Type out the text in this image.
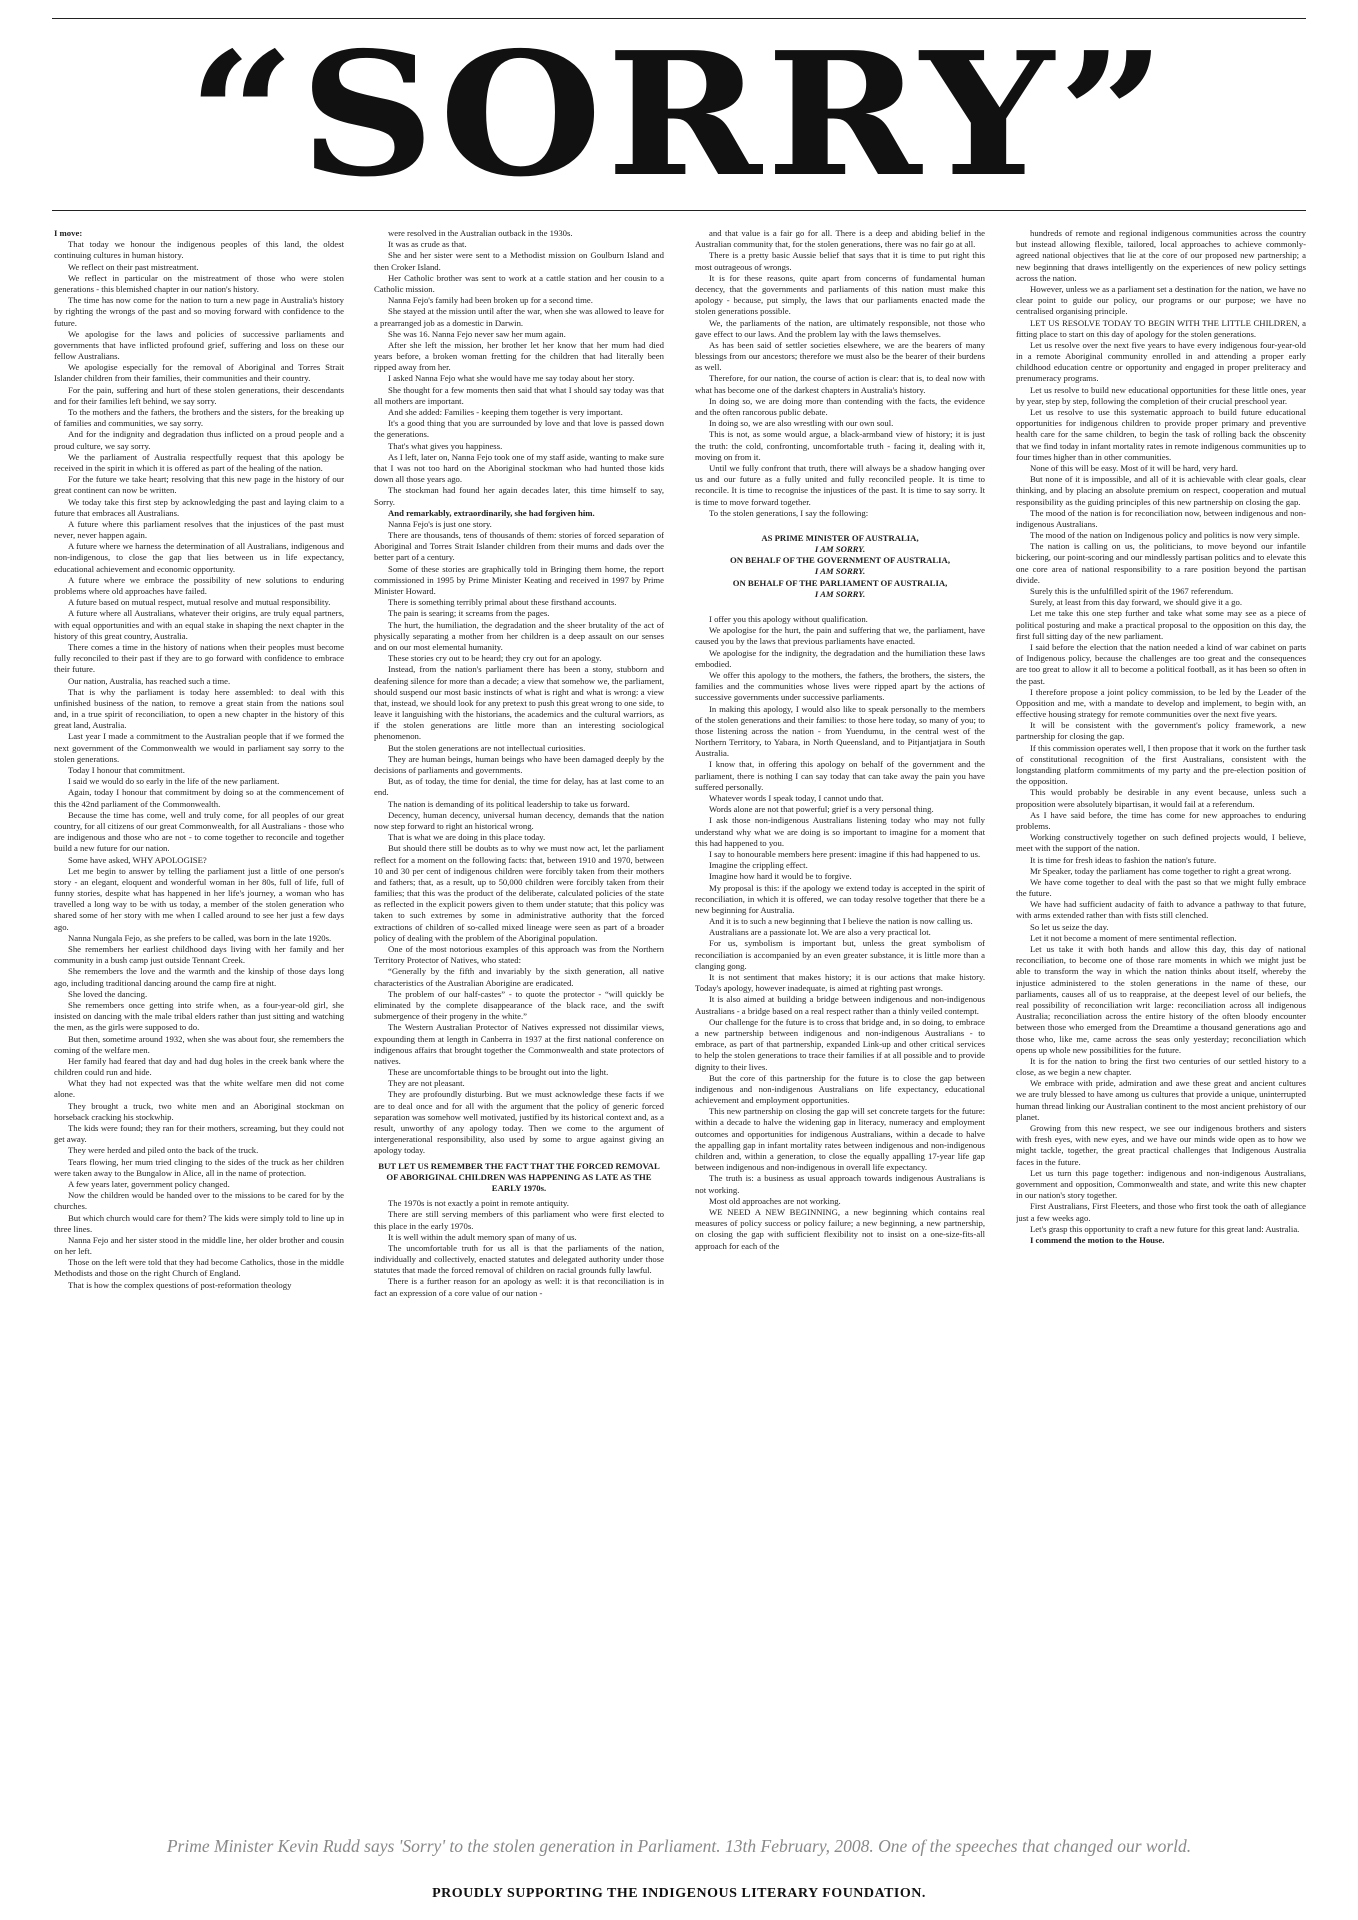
“SORRY”

I move:

That today we honour the indigenous peoples of this land, the oldest continuing cultures in human history.

We reflect on their past mistreatment.

We reflect in particular on the mistreatment of those who were stolen generations - this blemished chapter in our nation's history.

The time has now come for the nation to turn a new page in Australia's history by righting the wrongs of the past and so moving forward with confidence to the future.

We apologise for the laws and policies of successive parliaments and governments that have inflicted profound grief, suffering and loss on these our fellow Australians.

We apologise especially for the removal of Aboriginal and Torres Strait Islander children from their families, their communities and their country.

For the pain, suffering and hurt of these stolen generations, their descendants and for their families left behind, we say sorry.

To the mothers and the fathers, the brothers and the sisters, for the breaking up of families and communities, we say sorry.

And for the indignity and degradation thus inflicted on a proud people and a proud culture, we say sorry.

We the parliament of Australia respectfully request that this apology be received in the spirit in which it is offered as part of the healing of the nation.

For the future we take heart; resolving that this new page in the history of our great continent can now be written.

We today take this first step by acknowledging the past and laying claim to a future that embraces all Australians.

A future where this parliament resolves that the injustices of the past must never, never happen again.

A future where we harness the determination of all Australians, indigenous and non-indigenous, to close the gap that lies between us in life expectancy, educational achievement and economic opportunity.

A future where we embrace the possibility of new solutions to enduring problems where old approaches have failed.

A future based on mutual respect, mutual resolve and mutual responsibility.

A future where all Australians, whatever their origins, are truly equal partners, with equal opportunities and with an equal stake in shaping the next chapter in the history of this great country, Australia.

There comes a time in the history of nations when their peoples must become fully reconciled to their past if they are to go forward with confidence to embrace their future.

Our nation, Australia, has reached such a time.

That is why the parliament is today here assembled: to deal with this unfinished business of the nation, to remove a great stain from the nations soul and, in a true spirit of reconciliation, to open a new chapter in the history of this great land, Australia.

Last year I made a commitment to the Australian people that if we formed the next government of the Commonwealth we would in parliament say sorry to the stolen generations.

Today I honour that commitment.

I said we would do so early in the life of the new parliament.

Again, today I honour that commitment by doing so at the commencement of this the 42nd parliament of the Commonwealth.

Because the time has come, well and truly come, for all peoples of our great country, for all citizens of our great Commonwealth, for all Australians - those who are indigenous and those who are not - to come together to reconcile and together build a new future for our nation.

Some have asked, WHY APOLOGISE?

Let me begin to answer by telling the parliament just a little of one person's story - an elegant, eloquent and wonderful woman in her 80s, full of life, full of funny stories, despite what has happened in her life's journey, a woman who has travelled a long way to be with us today, a member of the stolen generation who shared some of her story with me when I called around to see her just a few days ago.

Nanna Nungala Fejo, as she prefers to be called, was born in the late 1920s.

She remembers her earliest childhood days living with her family and her community in a bush camp just outside Tennant Creek.

She remembers the love and the warmth and the kinship of those days long ago, including traditional dancing around the camp fire at night.

She loved the dancing.

She remembers once getting into strife when, as a four-year-old girl, she insisted on dancing with the male tribal elders rather than just sitting and watching the men, as the girls were supposed to do.

But then, sometime around 1932, when she was about four, she remembers the coming of the welfare men.

Her family had feared that day and had dug holes in the creek bank where the children could run and hide.

What they had not expected was that the white welfare men did not come alone.

They brought a truck, two white men and an Aboriginal stockman on horseback cracking his stockwhip.

The kids were found; they ran for their mothers, screaming, but they could not get away.

They were herded and piled onto the back of the truck.

Tears flowing, her mum tried clinging to the sides of the truck as her children were taken away to the Bungalow in Alice, all in the name of protection.

A few years later, government policy changed.

Now the children would be handed over to the missions to be cared for by the churches.

But which church would care for them? The kids were simply told to line up in three lines.

Nanna Fejo and her sister stood in the middle line, her older brother and cousin on her left.

Those on the left were told that they had become Catholics, those in the middle Methodists and those on the right Church of England.

That is how the complex questions of post-reformation theology

were resolved in the Australian outback in the 1930s.

It was as crude as that.

She and her sister were sent to a Methodist mission on Goulburn Island and then Croker Island.

Her Catholic brother was sent to work at a cattle station and her cousin to a Catholic mission.

Nanna Fejo's family had been broken up for a second time.

She stayed at the mission until after the war, when she was allowed to leave for a prearranged job as a domestic in Darwin.

She was 16. Nanna Fejo never saw her mum again.

After she left the mission, her brother let her know that her mum had died years before, a broken woman fretting for the children that had literally been ripped away from her.

I asked Nanna Fejo what she would have me say today about her story.

She thought for a few moments then said that what I should say today was that all mothers are important.

And she added: Families - keeping them together is very important.

It's a good thing that you are surrounded by love and that love is passed down the generations.

That's what gives you happiness.

As I left, later on, Nanna Fejo took one of my staff aside, wanting to make sure that I was not too hard on the Aboriginal stockman who had hunted those kids down all those years ago.

The stockman had found her again decades later, this time himself to say, Sorry.

And remarkably, extraordinarily, she had forgiven him.

Nanna Fejo's is just one story.

There are thousands, tens of thousands of them: stories of forced separation of Aboriginal and Torres Strait Islander children from their mums and dads over the better part of a century.

Some of these stories are graphically told in Bringing them home, the report commissioned in 1995 by Prime Minister Keating and received in 1997 by Prime Minister Howard.

There is something terribly primal about these firsthand accounts.

The pain is searing; it screams from the pages.

The hurt, the humiliation, the degradation and the sheer brutality of the act of physically separating a mother from her children is a deep assault on our senses and on our most elemental humanity.

These stories cry out to be heard; they cry out for an apology.

Instead, from the nation's parliament there has been a stony, stubborn and deafening silence for more than a decade; a view that somehow we, the parliament, should suspend our most basic instincts of what is right and what is wrong: a view that, instead, we should look for any pretext to push this great wrong to one side, to leave it languishing with the historians, the academics and the cultural warriors, as if the stolen generations are little more than an interesting sociological phenomenon.

But the stolen generations are not intellectual curiosities.

They are human beings, human beings who have been damaged deeply by the decisions of parliaments and governments.

But, as of today, the time for denial, the time for delay, has at last come to an end.

The nation is demanding of its political leadership to take us forward.

Decency, human decency, universal human decency, demands that the nation now step forward to right an historical wrong.

That is what we are doing in this place today.

But should there still be doubts as to why we must now act, let the parliament reflect for a moment on the following facts: that, between 1910 and 1970, between 10 and 30 per cent of indigenous children were forcibly taken from their mothers and fathers; that, as a result, up to 50,000 children were forcibly taken from their families; that this was the product of the deliberate, calculated policies of the state as reflected in the explicit powers given to them under statute; that this policy was taken to such extremes by some in administrative authority that the forced extractions of children of so-called mixed lineage were seen as part of a broader policy of dealing with the problem of the Aboriginal population.

One of the most notorious examples of this approach was from the Northern Territory Protector of Natives, who stated:

“Generally by the fifth and invariably by the sixth generation, all native characteristics of the Australian Aborigine are eradicated.

The problem of our half-castes” - to quote the protector - “will quickly be eliminated by the complete disappearance of the black race, and the swift submergence of their progeny in the white.”

The Western Australian Protector of Natives expressed not dissimilar views, expounding them at length in Canberra in 1937 at the first national conference on indigenous affairs that brought together the Commonwealth and state protectors of natives.

These are uncomfortable things to be brought out into the light.

They are not pleasant.

They are profoundly disturbing. But we must acknowledge these facts if we are to deal once and for all with the argument that the policy of generic forced separation was somehow well motivated, justified by its historical context and, as a result, unworthy of any apology today. Then we come to the argument of intergenerational responsibility, also used by some to argue against giving an apology today.

BUT LET US REMEMBER THE FACT THAT THE FORCED REMOVAL OF ABORIGINAL CHILDREN WAS HAPPENING AS LATE AS THE EARLY 1970s.

The 1970s is not exactly a point in remote antiquity.

There are still serving members of this parliament who were first elected to this place in the early 1970s.

It is well within the adult memory span of many of us.

The uncomfortable truth for us all is that the parliaments of the nation, individually and collectively, enacted statutes and delegated authority under those statutes that made the forced removal of children on racial grounds fully lawful.

There is a further reason for an apology as well: it is that reconciliation is in fact an expression of a core value of our nation -

and that value is a fair go for all. There is a deep and abiding belief in the Australian community that, for the stolen generations, there was no fair go at all.

There is a pretty basic Aussie belief that says that it is time to put right this most outrageous of wrongs.

It is for these reasons, quite apart from concerns of fundamental human decency, that the governments and parliaments of this nation must make this apology - because, put simply, the laws that our parliaments enacted made the stolen generations possible.

We, the parliaments of the nation, are ultimately responsible, not those who gave effect to our laws. And the problem lay with the laws themselves.

As has been said of settler societies elsewhere, we are the bearers of many blessings from our ancestors; therefore we must also be the bearer of their burdens as well.

Therefore, for our nation, the course of action is clear: that is, to deal now with what has become one of the darkest chapters in Australia's history.

In doing so, we are doing more than contending with the facts, the evidence and the often rancorous public debate.

In doing so, we are also wrestling with our own soul.

This is not, as some would argue, a black-armband view of history; it is just the truth: the cold, confronting, uncomfortable truth - facing it, dealing with it, moving on from it.

Until we fully confront that truth, there will always be a shadow hanging over us and our future as a fully united and fully reconciled people. It is time to reconcile. It is time to recognise the injustices of the past. It is time to say sorry. It is time to move forward together.

To the stolen generations, I say the following:

AS PRIME MINISTER OF AUSTRALIA,

I AM SORRY.

ON BEHALF OF THE GOVERNMENT OF AUSTRALIA,

I AM SORRY.

ON BEHALF OF THE PARLIAMENT OF AUSTRALIA,

I AM SORRY.

I offer you this apology without qualification.

We apologise for the hurt, the pain and suffering that we, the parliament, have caused you by the laws that previous parliaments have enacted.

We apologise for the indignity, the degradation and the humiliation these laws embodied.

We offer this apology to the mothers, the fathers, the brothers, the sisters, the families and the communities whose lives were ripped apart by the actions of successive governments under successive parliaments.

In making this apology, I would also like to speak personally to the members of the stolen generations and their families: to those here today, so many of you; to those listening across the nation - from Yuendumu, in the central west of the Northern Territory, to Yabara, in North Queensland, and to Pitjantjatjara in South Australia.

I know that, in offering this apology on behalf of the government and the parliament, there is nothing I can say today that can take away the pain you have suffered personally.

Whatever words I speak today, I cannot undo that.

Words alone are not that powerful; grief is a very personal thing.

I ask those non-indigenous Australians listening today who may not fully understand why what we are doing is so important to imagine for a moment that this had happened to you.

I say to honourable members here present: imagine if this had happened to us.

Imagine the crippling effect.

Imagine how hard it would be to forgive.

My proposal is this: if the apology we extend today is accepted in the spirit of reconciliation, in which it is offered, we can today resolve together that there be a new beginning for Australia.

And it is to such a new beginning that I believe the nation is now calling us.

Australians are a passionate lot. We are also a very practical lot.

For us, symbolism is important but, unless the great symbolism of reconciliation is accompanied by an even greater substance, it is little more than a clanging gong.

It is not sentiment that makes history; it is our actions that make history. Today's apology, however inadequate, is aimed at righting past wrongs.

It is also aimed at building a bridge between indigenous and non-indigenous Australians - a bridge based on a real respect rather than a thinly veiled contempt.

Our challenge for the future is to cross that bridge and, in so doing, to embrace a new partnership between indigenous and non-indigenous Australians - to embrace, as part of that partnership, expanded Link-up and other critical services to help the stolen generations to trace their families if at all possible and to provide dignity to their lives.

But the core of this partnership for the future is to close the gap between indigenous and non-indigenous Australians on life expectancy, educational achievement and employment opportunities.

This new partnership on closing the gap will set concrete targets for the future: within a decade to halve the widening gap in literacy, numeracy and employment outcomes and opportunities for indigenous Australians, within a decade to halve the appalling gap in infant mortality rates between indigenous and non-indigenous children and, within a generation, to close the equally appalling 17-year life gap between indigenous and non-indigenous in overall life expectancy.

The truth is: a business as usual approach towards indigenous Australians is not working.

Most old approaches are not working.

WE NEED A NEW BEGINNING, a new beginning which contains real measures of policy success or policy failure; a new beginning, a new partnership, on closing the gap with sufficient flexibility not to insist on a one-size-fits-all approach for each of the

hundreds of remote and regional indigenous communities across the country but instead allowing flexible, tailored, local approaches to achieve commonly-agreed national objectives that lie at the core of our proposed new partnership; a new beginning that draws intelligently on the experiences of new policy settings across the nation.

However, unless we as a parliament set a destination for the nation, we have no clear point to guide our policy, our programs or our purpose; we have no centralised organising principle.

LET US RESOLVE TODAY TO BEGIN WITH THE LITTLE CHILDREN, a fitting place to start on this day of apology for the stolen generations.

Let us resolve over the next five years to have every indigenous four-year-old in a remote Aboriginal community enrolled in and attending a proper early childhood education centre or opportunity and engaged in proper preliteracy and prenumeracy programs.

Let us resolve to build new educational opportunities for these little ones, year by year, step by step, following the completion of their crucial preschool year.

Let us resolve to use this systematic approach to build future educational opportunities for indigenous children to provide proper primary and preventive health care for the same children, to begin the task of rolling back the obscenity that we find today in infant mortality rates in remote indigenous communities up to four times higher than in other communities.

None of this will be easy. Most of it will be hard, very hard.

But none of it is impossible, and all of it is achievable with clear goals, clear thinking, and by placing an absolute premium on respect, cooperation and mutual responsibility as the guiding principles of this new partnership on closing the gap.

The mood of the nation is for reconciliation now, between indigenous and non-indigenous Australians.

The mood of the nation on Indigenous policy and politics is now very simple.

The nation is calling on us, the politicians, to move beyond our infantile bickering, our point-scoring and our mindlessly partisan politics and to elevate this one core area of national responsibility to a rare position beyond the partisan divide.

Surely this is the unfulfilled spirit of the 1967 referendum.

Surely, at least from this day forward, we should give it a go.

Let me take this one step further and take what some may see as a piece of political posturing and make a practical proposal to the opposition on this day, the first full sitting day of the new parliament.

I said before the election that the nation needed a kind of war cabinet on parts of Indigenous policy, because the challenges are too great and the consequences are too great to allow it all to become a political football, as it has been so often in the past.

I therefore propose a joint policy commission, to be led by the Leader of the Opposition and me, with a mandate to develop and implement, to begin with, an effective housing strategy for remote communities over the next five years.

It will be consistent with the government's policy framework, a new partnership for closing the gap.

If this commission operates well, I then propose that it work on the further task of constitutional recognition of the first Australians, consistent with the longstanding platform commitments of my party and the pre-election position of the opposition.

This would probably be desirable in any event because, unless such a proposition were absolutely bipartisan, it would fail at a referendum.

As I have said before, the time has come for new approaches to enduring problems.

Working constructively together on such defined projects would, I believe, meet with the support of the nation.

It is time for fresh ideas to fashion the nation's future.

Mr Speaker, today the parliament has come together to right a great wrong.

We have come together to deal with the past so that we might fully embrace the future.

We have had sufficient audacity of faith to advance a pathway to that future, with arms extended rather than with fists still clenched.

So let us seize the day.

Let it not become a moment of mere sentimental reflection.

Let us take it with both hands and allow this day, this day of national reconciliation, to become one of those rare moments in which we might just be able to transform the way in which the nation thinks about itself, whereby the injustice administered to the stolen generations in the name of these, our parliaments, causes all of us to reappraise, at the deepest level of our beliefs, the real possibility of reconciliation writ large: reconciliation across all indigenous Australia; reconciliation across the entire history of the often bloody encounter between those who emerged from the Dreamtime a thousand generations ago and those who, like me, came across the seas only yesterday; reconciliation which opens up whole new possibilities for the future.

It is for the nation to bring the first two centuries of our settled history to a close, as we begin a new chapter.

We embrace with pride, admiration and awe these great and ancient cultures we are truly blessed to have among us cultures that provide a unique, uninterrupted human thread linking our Australian continent to the most ancient prehistory of our planet.

Growing from this new respect, we see our indigenous brothers and sisters with fresh eyes, with new eyes, and we have our minds wide open as to how we might tackle, together, the great practical challenges that Indigenous Australia faces in the future.

Let us turn this page together: indigenous and non-indigenous Australians, government and opposition, Commonwealth and state, and write this new chapter in our nation's story together.

First Australians, First Fleeters, and those who first took the oath of allegiance just a few weeks ago.

Let's grasp this opportunity to craft a new future for this great land: Australia.

I commend the motion to the House.

Prime Minister Kevin Rudd says 'Sorry' to the stolen generation in Parliament. 13th February, 2008. One of the speeches that changed our world.
PROUDLY SUPPORTING THE INDIGENOUS LITERARY FOUNDATION.
